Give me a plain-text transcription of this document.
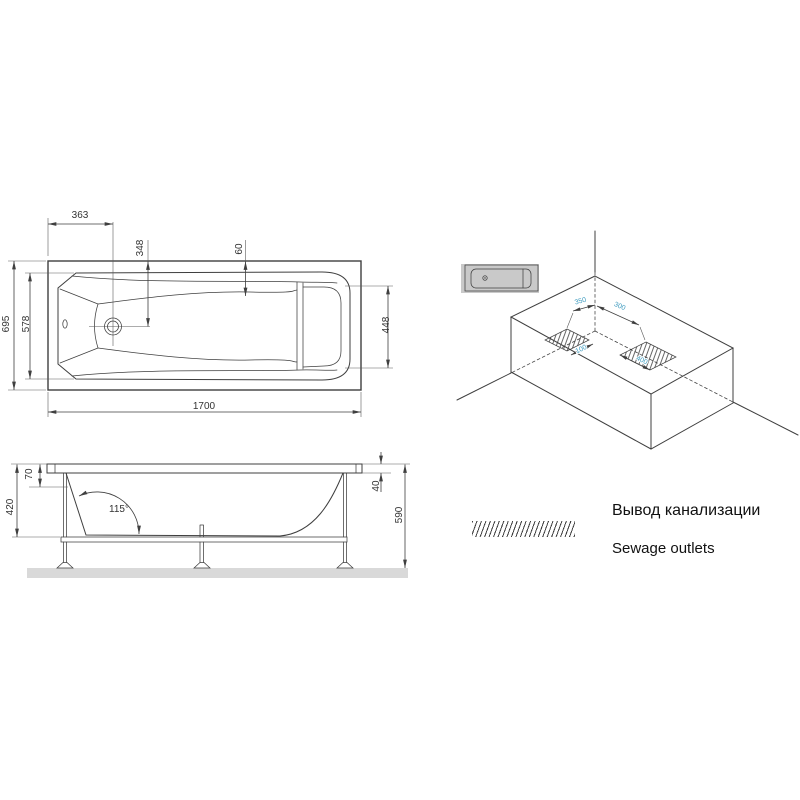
363
348	60
695 578	448
1700
115°
70
420
40
590
100
400
350	300
Вывод канализации
Sewage outlets
